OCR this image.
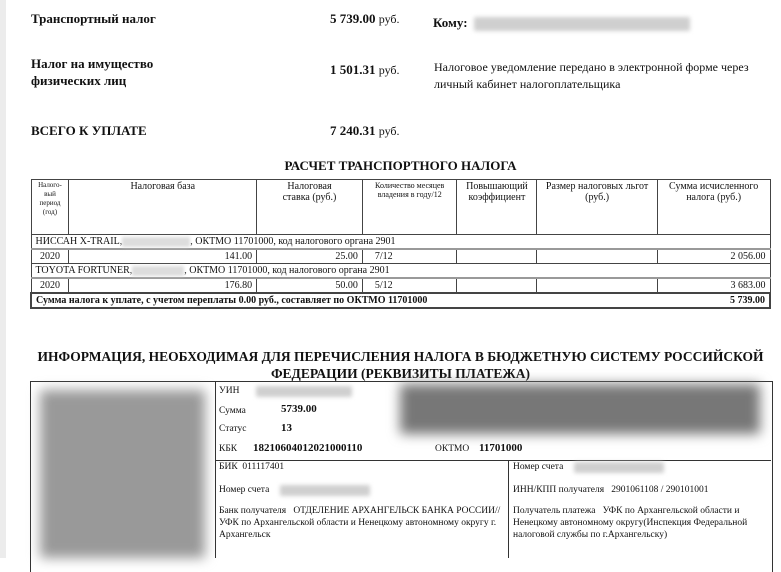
Транспортный налог	5 739.00 руб.	Кому:
Налог на имущество физических лиц
1 501.31 руб.	Налоговое уведомление передано в электронной форме через личный кабинет налогоплательщика
ВСЕГО К УПЛАТЕ	7 240.31 руб.
РАСЧЕТ ТРАНСПОРТНОГО НАЛОГА
Налого-вый период (год)	Налоговая база	Налоговая ставка (руб.)	Количество месяцев владения в году/12	Повышающий коэффициент	Размер налоговых льгот (руб.)	Сумма исчисленного налога (руб.)
НИССАН X-TRAIL, , ОКТМО 11701000, код налогового органа 2901						
2020	141.00	25.00	7/12			2 056.00
TOYOTA FORTUNER, , ОКТМО 11701000, код налогового органа 2901						
2020	176.80	50.00	5/12			3 683.00
Сумма налога к уплате, с учетом переплаты 0.00 руб., составляет по ОКТМО 11701000						5 739.00
ИНФОРМАЦИЯ, НЕОБХОДИМАЯ ДЛЯ ПЕРЕЧИСЛЕНИЯ НАЛОГА В БЮДЖЕТНУЮ СИСТЕМУ РОССИЙСКОЙ ФЕДЕРАЦИИ (РЕКВИЗИТЫ ПЛАТЕЖА)
УИН
Сумма	5739.00
Статус	13
КБК 18210604012021000110	ОКТМО 11701000
БИК 011117401
Номер счета
Банк получателя ОТДЕЛЕНИЕ АРХАНГЕЛЬСК БАНКА РОССИИ//УФК по Архангельской области и Ненецкому автономному округу г. Архангельск
Номер счета
ИНН/КПП получателя 2901061108 / 290101001
Получатель платежа УФК по Архангельской области и Ненецкому автономному округу(Инспекция Федеральной налоговой службы по г.Архангельску)
